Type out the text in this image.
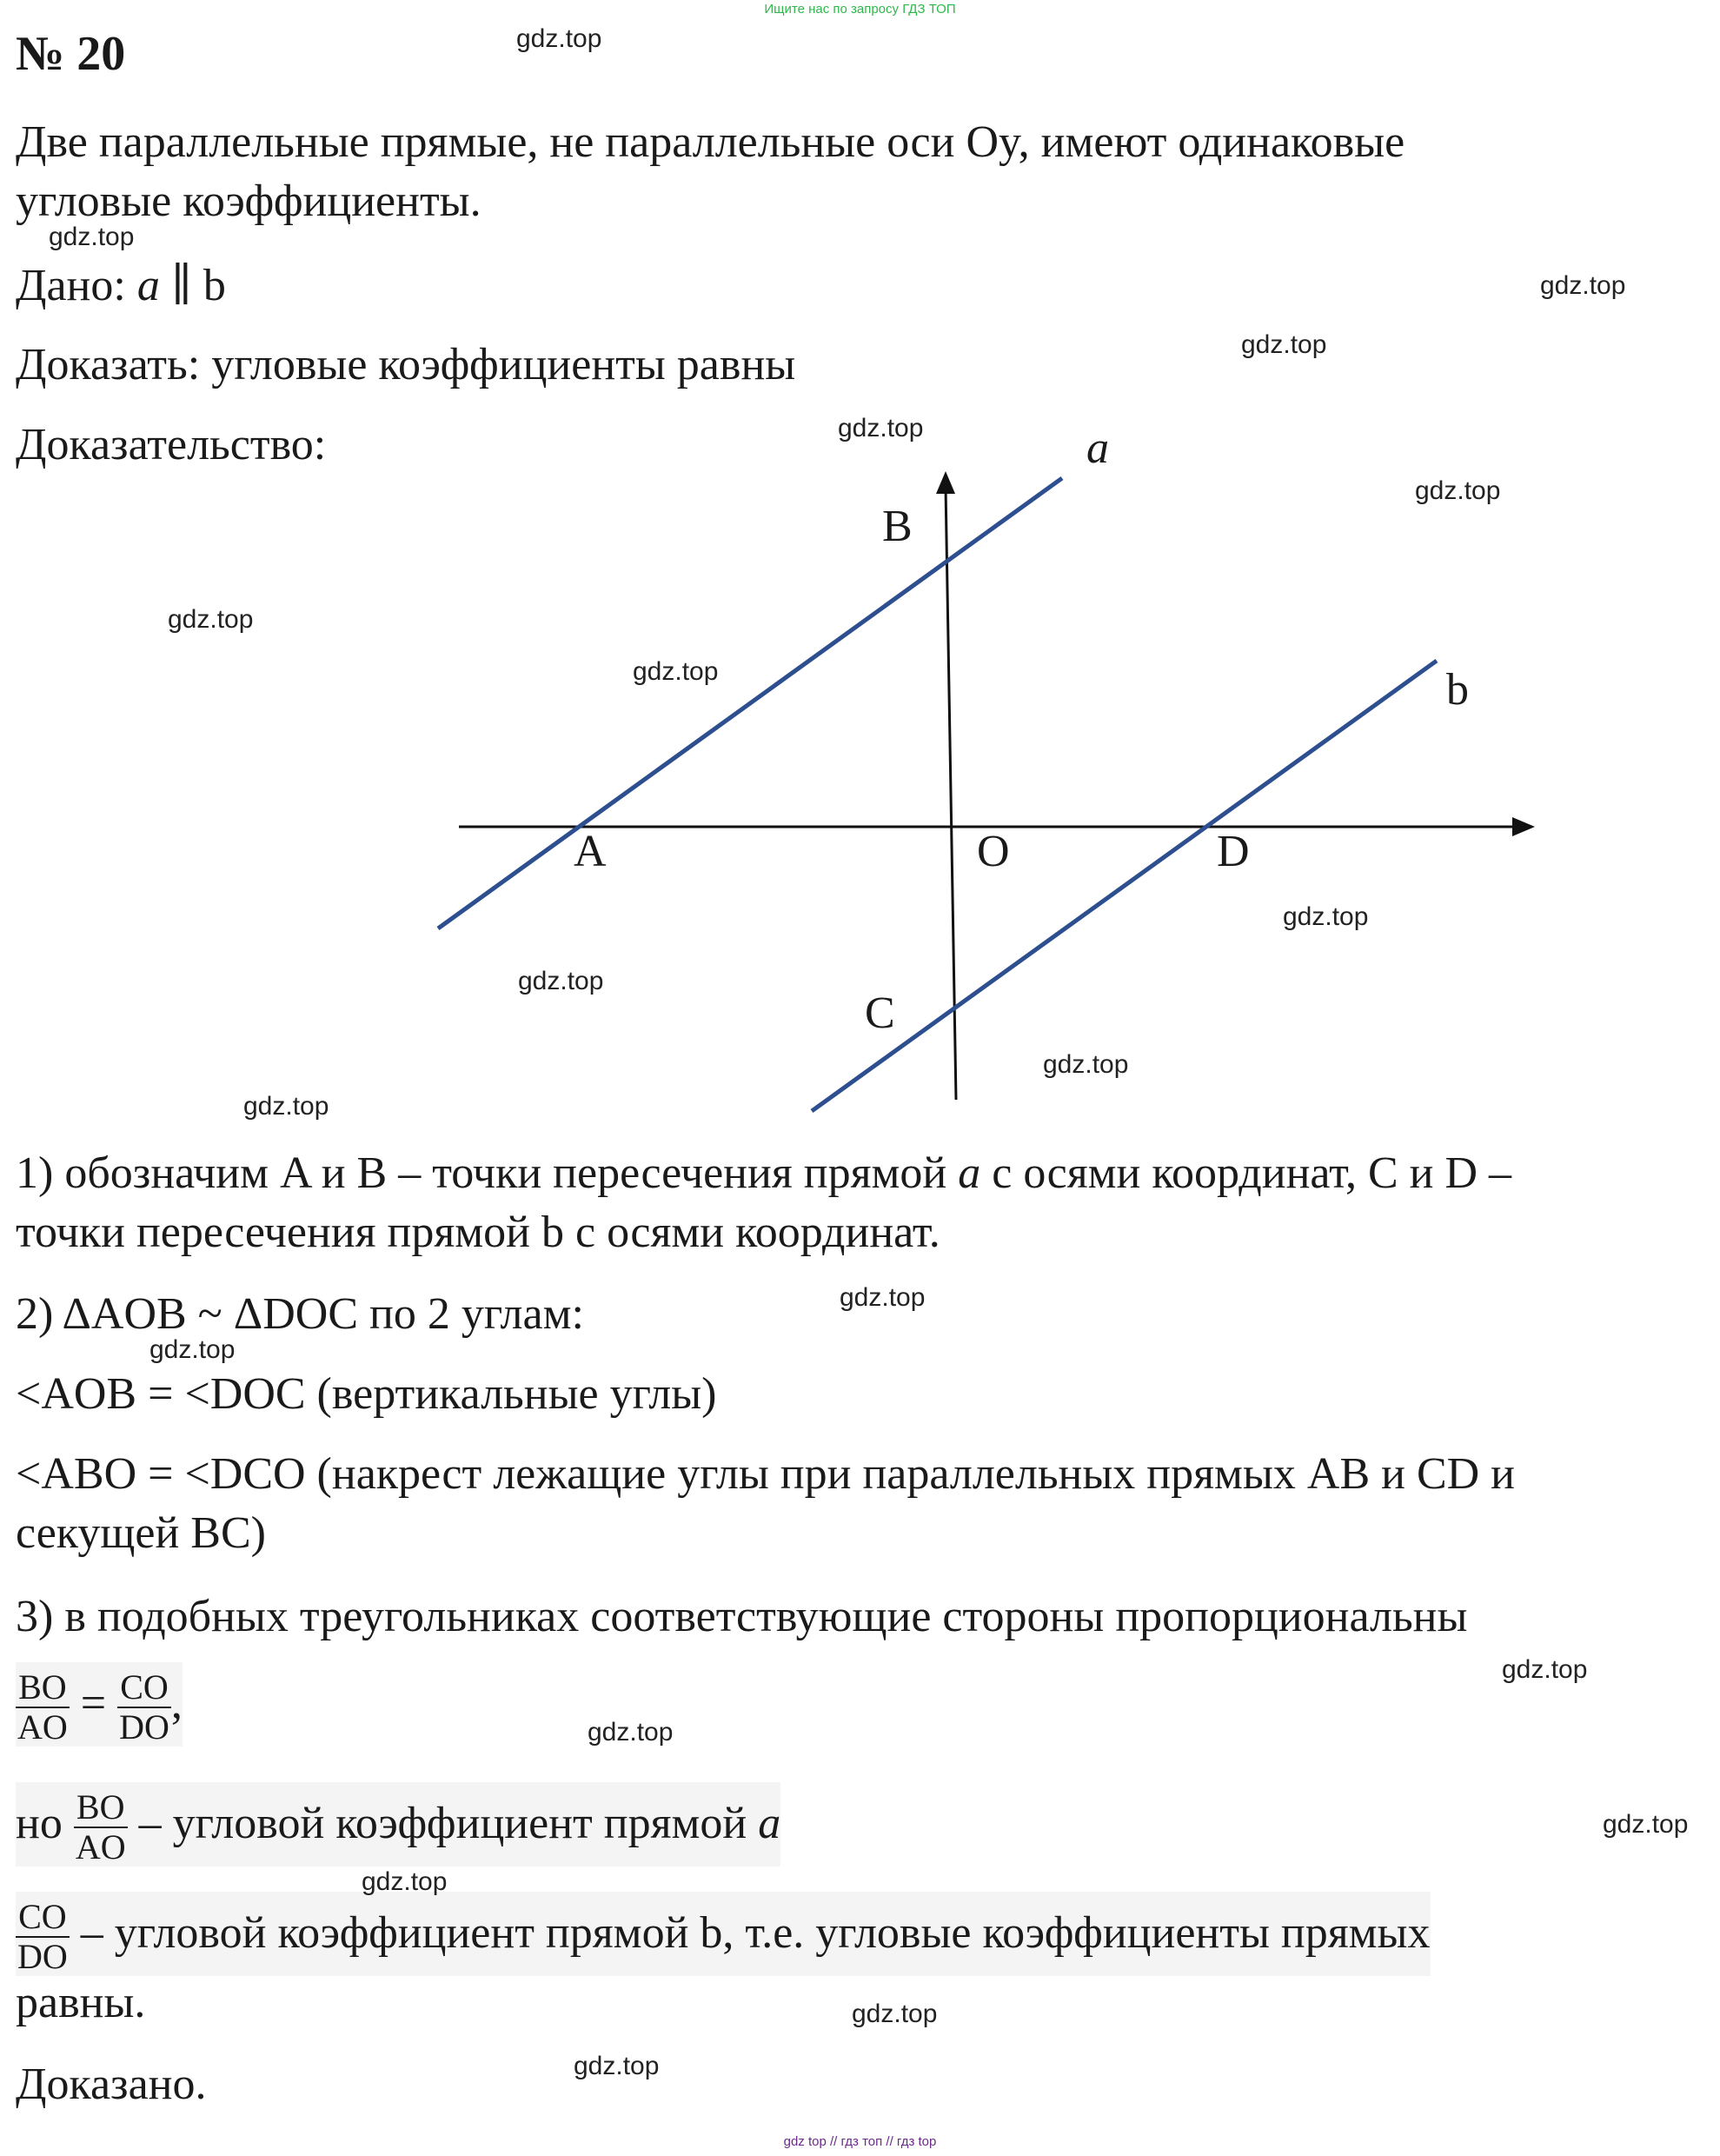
Ищите нас по запросу ГДЗ ТОП
№ 20
Две параллельные прямые, не параллельные оси Oy, имеют одинаковые
угловые коэффициенты.
Дано: a ∥ b
Доказать: угловые коэффициенты равны
Доказательство:	a
b
B
A	O	D
C
1) обозначим A и B – точки пересечения прямой a с осями координат, C и D –
точки пересечения прямой b с осями координат.
2) ΔAOB ~ ΔDOC по 2 углам:
<AOB = <DOC (вертикальные углы)
<ABO = <DCO (накрест лежащие углы при параллельных прямых AB и CD и
секущей BC)
3) в подобных треугольниках соответствующие стороны пропорциональны
$\frac{BO}{AO} = \frac{CO}{DO}$ ,
но $\frac{BO}{AO}$ – угловой коэффициент прямой a
$\frac{CO}{DO}$ – угловой коэффициент прямой b, т.е. угловые коэффициенты прямых
равны.
Доказано.
gdz.top
gdz.top
gdz.top
gdz.top
gdz.top
gdz.top
gdz.top
gdz.top
gdz.top
gdz.top
gdz.top
gdz.top
gdz.top
gdz.top
gdz.top
gdz.top
gdz.top
gdz.top
gdz.top
gdz.top
gdz top // гдз топ // гдз top
